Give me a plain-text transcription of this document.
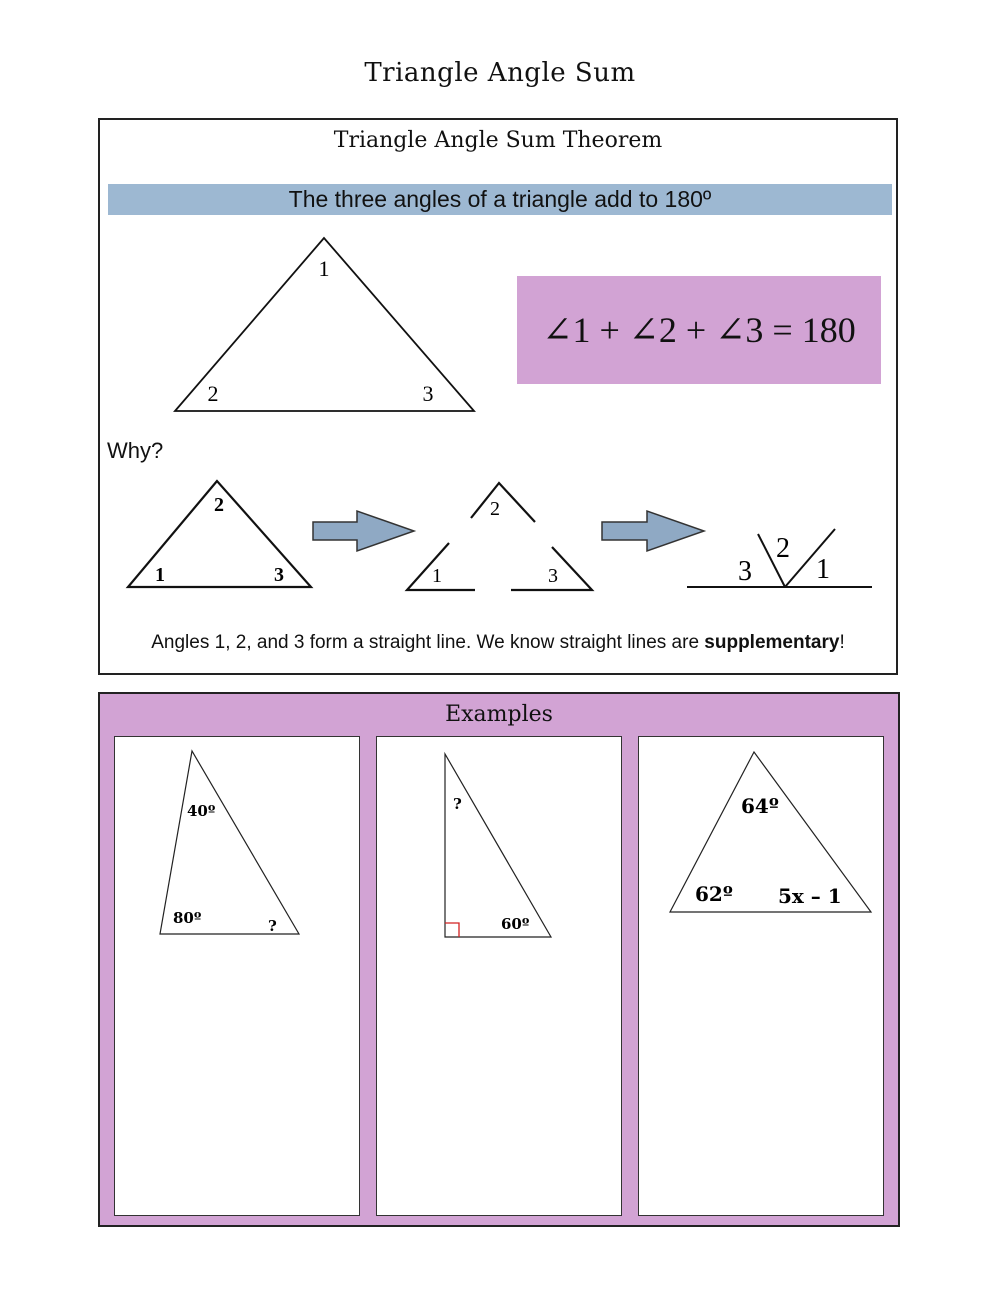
Triangle Angle Sum
Triangle Angle Sum Theorem
The three angles of a triangle add to 180º
∠1 + ∠2 + ∠3 = 180
Why?
1
2	3
2
1	3
2
1	3	3
2
1
Angles 1, 2, and 3 form a straight line. We know straight lines are supplementary!
Examples
40º
80º	?
?
60º
64º
62º 5x – 1
